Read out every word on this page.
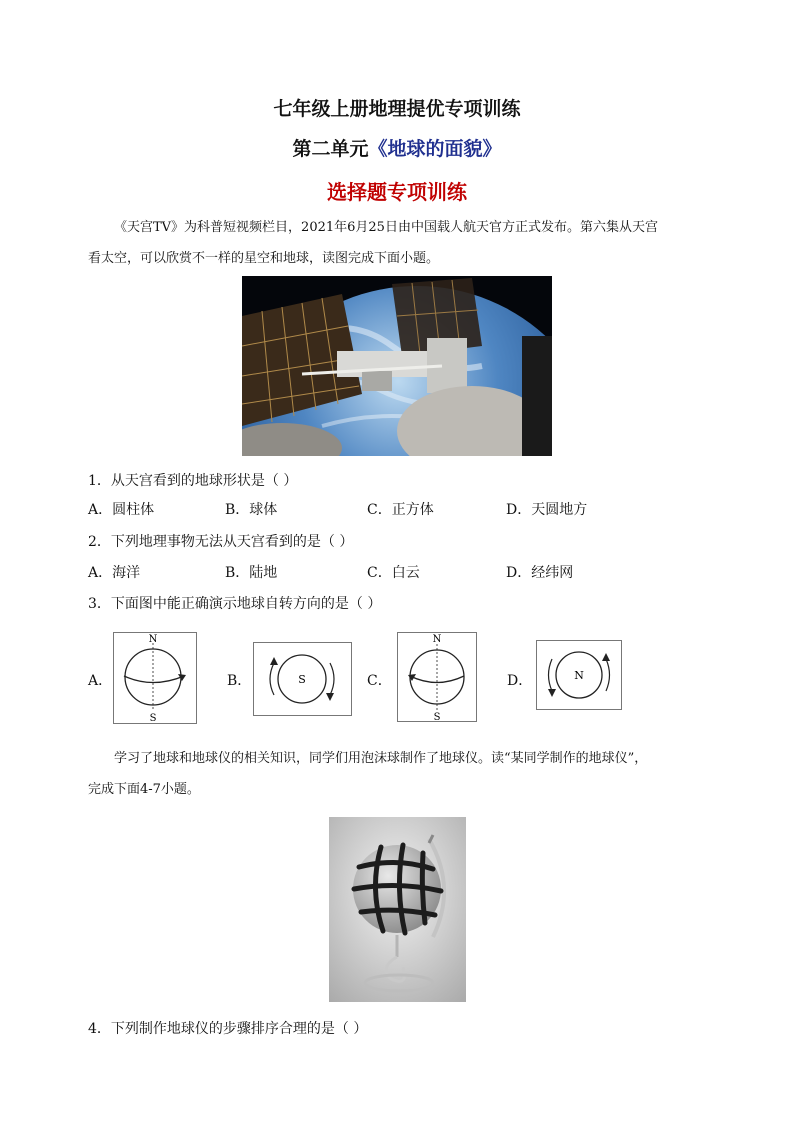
七年级上册地理提优专项训练
第二单元《地球的面貌》
选择题专项训练
《天宫TV》为科普短视频栏目，2021年6月25日由中国载人航天官方正式发布。第六集从天宫
看太空，可以欣赏不一样的星空和地球，读图完成下面小题。
1．从天宫看到的地球形状是（ ）
A．圆柱体	B．球体	C．正方体	D．天圆地方
2．下列地理事物无法从天宫看到的是（ ）
A．海洋	B．陆地	C．白云	D．经纬网
3．下面图中能正确演示地球自转方向的是（ ）
A．
N
S
B．	S	C．
N
S
D．	N
学习了地球和地球仪的相关知识，同学们用泡沫球制作了地球仪。读“某同学制作的地球仪”，
完成下面4-7小题。
4．下列制作地球仪的步骤排序合理的是（ ）
